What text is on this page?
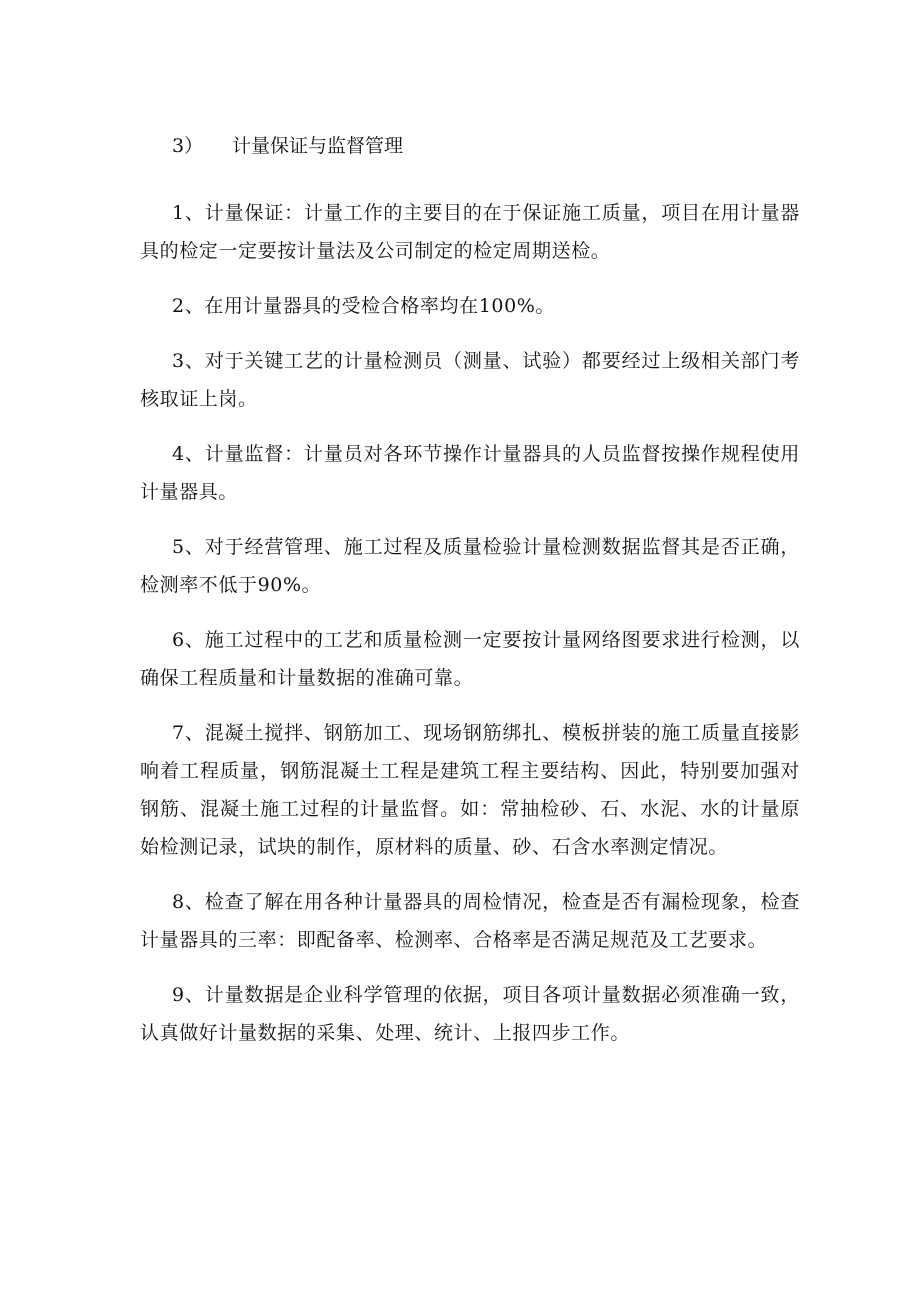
3） 计量保证与监督管理

1、计量保证：计量工作的主要目的在于保证施工质量，项目在用计量器具的检定一定要按计量法及公司制定的检定周期送检。

2、在用计量器具的受检合格率均在100%。

3、对于关键工艺的计量检测员（测量、试验）都要经过上级相关部门考核取证上岗。

4、计量监督：计量员对各环节操作计量器具的人员监督按操作规程使用计量器具。

5、对于经营管理、施工过程及质量检验计量检测数据监督其是否正确，检测率不低于90%。

6、施工过程中的工艺和质量检测一定要按计量网络图要求进行检测，以确保工程质量和计量数据的准确可靠。

7、混凝土搅拌、钢筋加工、现场钢筋绑扎、模板拼装的施工质量直接影响着工程质量，钢筋混凝土工程是建筑工程主要结构、因此，特别要加强对钢筋、混凝土施工过程的计量监督。如：常抽检砂、石、水泥、水的计量原始检测记录，试块的制作，原材料的质量、砂、石含水率测定情况。

8、检查了解在用各种计量器具的周检情况，检查是否有漏检现象，检查计量器具的三率：即配备率、检测率、合格率是否满足规范及工艺要求。

9、计量数据是企业科学管理的依据，项目各项计量数据必须准确一致，认真做好计量数据的采集、处理、统计、上报四步工作。
